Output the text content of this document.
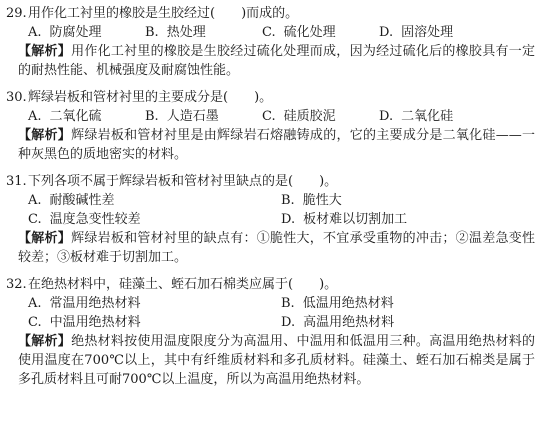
29. 用作化工衬里的橡胶是生胶经过(　　)而成的。
A. 防腐处理	B. 热处理	C. 硫化处理	D. 固溶处理
【解析】用作化工衬里的橡胶是生胶经过硫化处理而成，因为经过硫化后的橡胶具有一定的耐热性能、机械强度及耐腐蚀性能。
30. 辉绿岩板和管材衬里的主要成分是(　　)。
A. 二氧化硫	B. 人造石墨	C. 硅质胶泥	D. 二氧化硅
【解析】辉绿岩板和管材衬里是由辉绿岩石熔融铸成的，它的主要成分是二氧化硅——一种灰黑色的质地密实的材料。
31. 下列各项不属于辉绿岩板和管材衬里缺点的是(　　)。
A. 耐酸碱性差	B. 脆性大
C. 温度急变性较差	D. 板材难以切割加工
【解析】辉绿岩板和管材衬里的缺点有：①脆性大，不宜承受重物的冲击；②温差急变性较差；③板材难于切割加工。
32. 在绝热材料中，硅藻土、蛭石加石棉类应属于(　　)。
A. 常温用绝热材料	B. 低温用绝热材料
C. 中温用绝热材料	D. 高温用绝热材料
【解析】绝热材料按使用温度限度分为高温用、中温用和低温用三种。高温用绝热材料的使用温度在700℃以上，其中有纤维质材料和多孔质材料。硅藻土、蛭石加石棉类是属于多孔质材料且可耐700℃以上温度，所以为高温用绝热材料。
